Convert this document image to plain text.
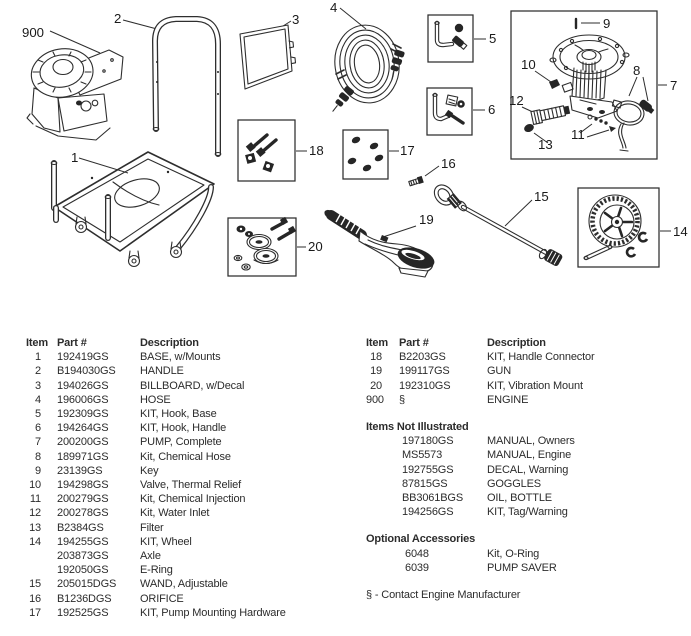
900
2
1
3
4
18	17
5
6
7
9
10	8
12
13
11
16
19
15
20
14
Item	Part #	Description
1	192419GS	BASE, w/Mounts
2	B194030GS	HANDLE
3	194026GS	BILLBOARD, w/Decal
4	196006GS	HOSE
5	192309GS	KIT, Hook, Base
6	194264GS	KIT, Hook, Handle
7	200200GS	PUMP, Complete
8	189971GS	Kit, Chemical Hose
9	23139GS	Key
10	194298GS	Valve, Thermal Relief
11	200279GS	Kit, Chemical Injection
12	200278GS	Kit, Water Inlet
13	B2384GS	Filter
14	194255GS	KIT, Wheel
	203873GS	Axle
	192050GS	E-Ring
15	205015DGS	WAND, Adjustable
16	B1236DGS	ORIFICE
17	192525GS	KIT, Pump Mounting Hardware
Item	Part #	Description
18	B2203GS	KIT, Handle Connector
19	199117GS	GUN
20	192310GS	KIT, Vibration Mount
900	§	ENGINE
Items Not Illustrated
197180GS	MANUAL, Owners
MS5573	MANUAL, Engine
192755GS	DECAL, Warning
87815GS	GOGGLES
BB3061BGS	OIL, BOTTLE
194256GS	KIT, Tag/Warning
Optional Accessories
6048	Kit, O-Ring
6039	PUMP SAVER
§ - Contact Engine Manufacturer
